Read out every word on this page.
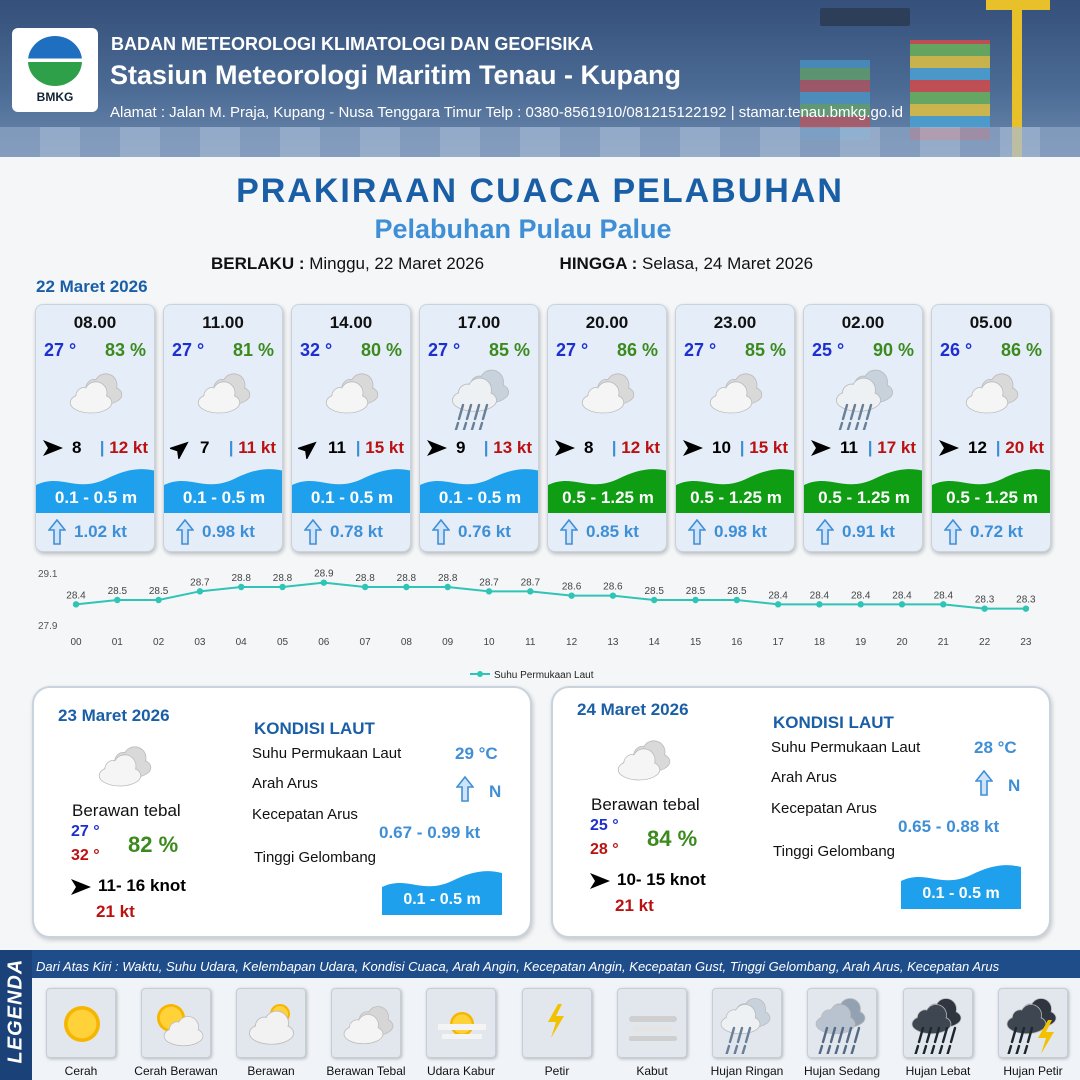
BMKG
BADAN METEOROLOGI KLIMATOLOGI DAN GEOFISIKA
Stasiun Meteorologi Maritim Tenau - Kupang
Alamat : Jalan M. Praja, Kupang - Nusa Tenggara Timur Telp : 0380-8561910/081215122192 | stamar.tenau.bmkg.go.id
PRAKIRAAN CUACA PELABUHAN
Pelabuhan Pulau Palue
BERLAKU : Minggu, 22 Maret 2026	HINGGA : Selasa, 24 Maret 2026
22 Maret 2026
08.00
27 ° 83 %
8 | 12 kt
0.1 - 0.5 m
1.02 kt
11.00
27 ° 81 %
7 | 11 kt
0.1 - 0.5 m
0.98 kt
14.00
32 ° 80 %
11 | 15 kt
0.1 - 0.5 m
0.78 kt
17.00
27 ° 85 %
9 | 13 kt
0.1 - 0.5 m
0.76 kt
20.00
27 ° 86 %
8 | 12 kt
0.5 - 1.25 m
0.85 kt
23.00
27 ° 85 %
10 | 15 kt
0.5 - 1.25 m
0.98 kt
02.00
25 ° 90 %
11 | 17 kt
0.5 - 1.25 m
0.91 kt
05.00
26 ° 86 %
12 | 20 kt
0.5 - 1.25 m
0.72 kt
29.1
27.9
28.4
00
28.5
01
28.5
02
28.7
03
28.8
04
28.8
05
28.9
06
28.8
07
28.8
08
28.8
09
28.7
10
28.7
11
28.6
12
28.6
13
28.5
14
28.5
15
28.5
16
28.4
17
28.4
18
28.4
19
28.4
20
28.4
21
28.3
22
28.3
23
Suhu Permukaan Laut
23 Maret 2026
Berawan tebal
27 °
32 ° 82 %
11- 16 knot
21 kt
KONDISI LAUT
Suhu Permukaan Laut	29 °C
Arah Arus	N
Kecepatan Arus
0.67 - 0.99 kt
Tinggi Gelombang
0.1 - 0.5 m
24 Maret 2026
Berawan tebal
25 °
28 ° 84 %
10- 15 knot
21 kt
KONDISI LAUT
Suhu Permukaan Laut	28 °C
Arah Arus	N
Kecepatan Arus
0.65 - 0.88 kt
Tinggi Gelombang
0.1 - 0.5 m
LEGENDA Dari Atas Kiri : Waktu, Suhu Udara, Kelembapan Udara, Kondisi Cuaca, Arah Angin, Kecepatan Angin, Kecepatan Gust, Tinggi Gelombang, Arah Arus, Kecepatan Arus
Cerah	Cerah Berawan	Berawan	Berawan Tebal	Udara Kabur	Petir	Kabut	Hujan Ringan	Hujan Sedang	Hujan Lebat	Hujan Petir
